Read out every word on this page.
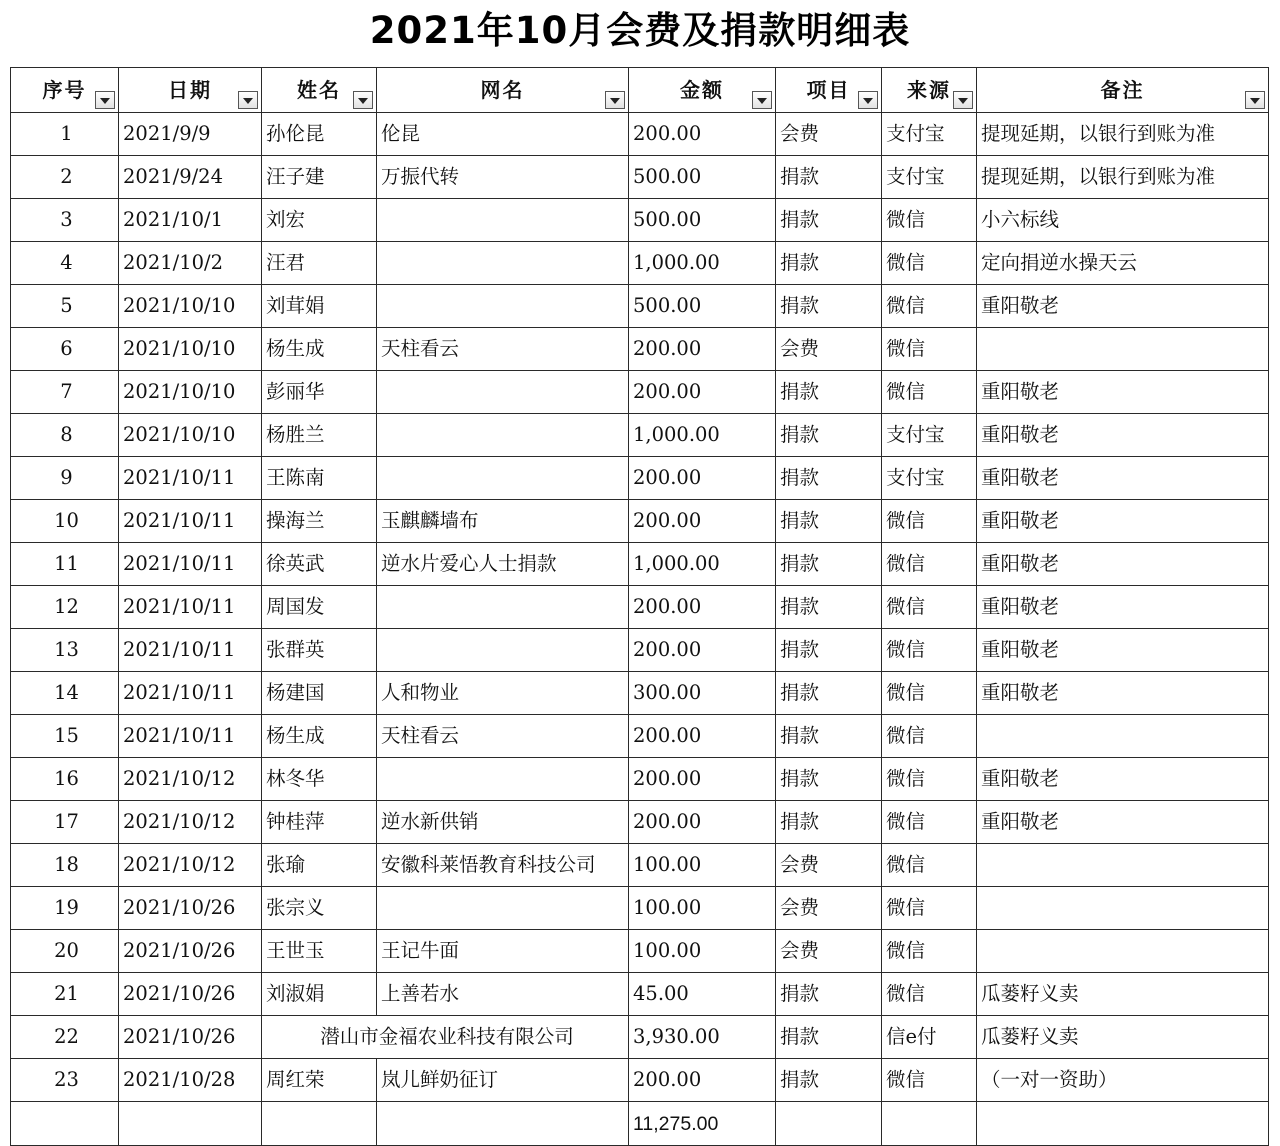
2021年10月会费及捐款明细表
序号	日期	姓名	网名	金额	项目	来源	备注

1	2021/9/9	孙伦昆	伦昆	200.00	会费	支付宝	提现延期，以银行到账为准
2	2021/9/24	汪子建	万振代转	500.00	捐款	支付宝	提现延期，以银行到账为准
3	2021/10/1	刘宏		500.00	捐款	微信	小六标线
4	2021/10/2	汪君		1,000.00	捐款	微信	定向捐逆水操天云
5	2021/10/10	刘茸娟		500.00	捐款	微信	重阳敬老
6	2021/10/10	杨生成	天柱看云	200.00	会费	微信	
7	2021/10/10	彭丽华		200.00	捐款	微信	重阳敬老
8	2021/10/10	杨胜兰		1,000.00	捐款	支付宝	重阳敬老
9	2021/10/11	王陈南		200.00	捐款	支付宝	重阳敬老
10	2021/10/11	操海兰	玉麒麟墙布	200.00	捐款	微信	重阳敬老
11	2021/10/11	徐英武	逆水片爱心人士捐款	1,000.00	捐款	微信	重阳敬老
12	2021/10/11	周国发		200.00	捐款	微信	重阳敬老
13	2021/10/11	张群英		200.00	捐款	微信	重阳敬老
14	2021/10/11	杨建国	人和物业	300.00	捐款	微信	重阳敬老
15	2021/10/11	杨生成	天柱看云	200.00	捐款	微信	
16	2021/10/12	林冬华		200.00	捐款	微信	重阳敬老
17	2021/10/12	钟桂萍	逆水新供销	200.00	捐款	微信	重阳敬老
18	2021/10/12	张瑜	安徽科莱悟教育科技公司	100.00	会费	微信	
19	2021/10/26	张宗义		100.00	会费	微信	
20	2021/10/26	王世玉	王记牛面	100.00	会费	微信	
21	2021/10/26	刘淑娟	上善若水	45.00	捐款	微信	瓜蒌籽义卖
22	2021/10/26	潜山市金福农业科技有限公司		3,930.00	捐款	信e付	瓜蒌籽义卖
23	2021/10/28	周红荣	岚儿鲜奶征订	200.00	捐款	微信	（一对一资助）
				11,275.00			
